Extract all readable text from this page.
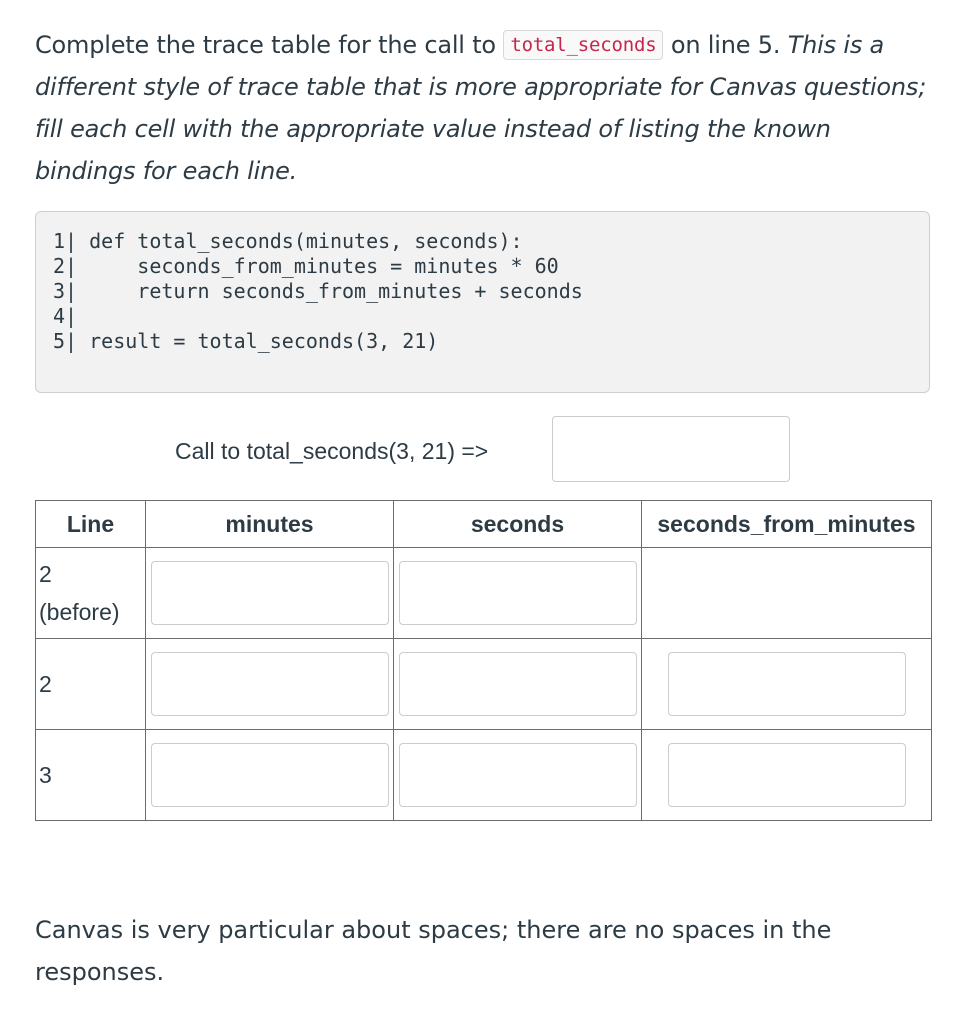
Complete the trace table for the call to total_seconds on line 5. This is a different style of trace table that is more appropriate for Canvas questions; fill each cell with the appropriate value instead of listing the known bindings for each line.
1| def total_seconds(minutes, seconds):
2|     seconds_from_minutes = minutes * 60
3|     return seconds_from_minutes + seconds
4|
5| result = total_seconds(3, 21)
Call to total_seconds(3, 21) =>
Line	minutes	seconds	seconds_from_minutes

2
(before)

2

3

Canvas is very particular about spaces; there are no spaces in the responses.
